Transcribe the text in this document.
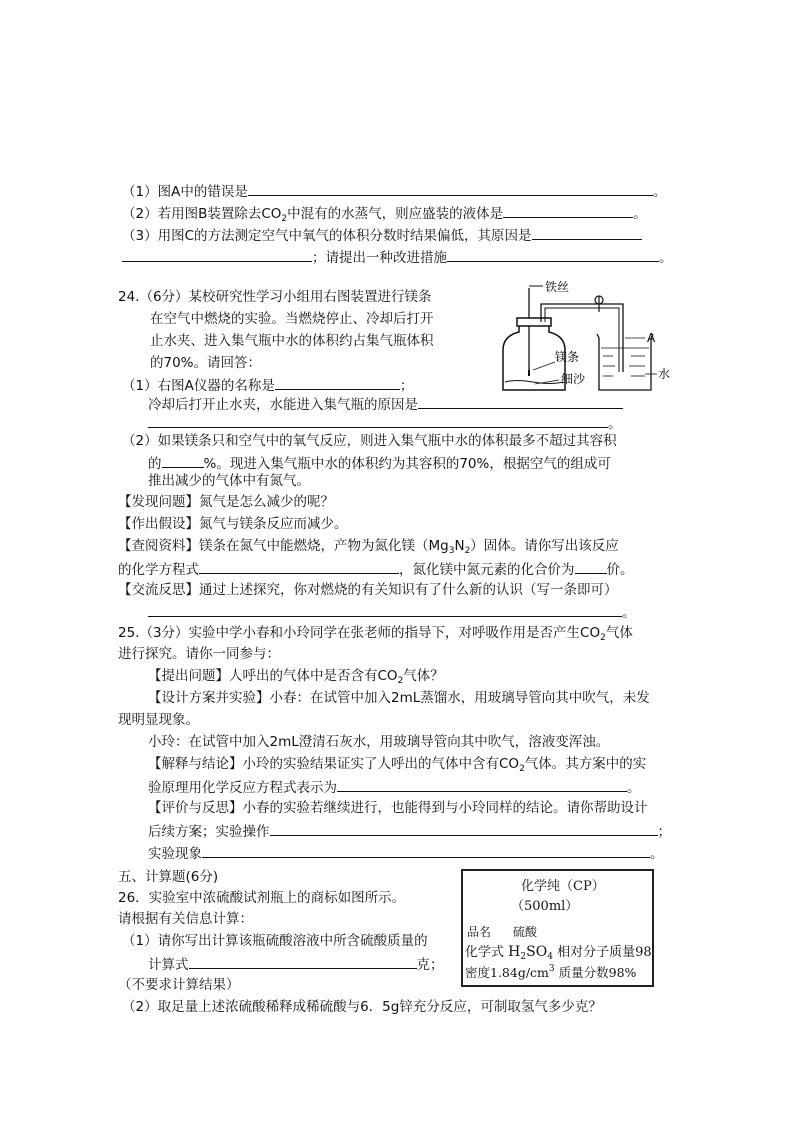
（1）图A中的错误是	。
（2）若用图B装置除去$CO_2$中混有的水蒸气，则应盛装的液体是	。
（3）用图C的方法测定空气中氧气的体积分数时结果偏低，其原因是
；请提出一种改进措施	。
24.（6分）某校研究性学习小组用右图装置进行镁条
在空气中燃烧的实验。当燃烧停止、冷却后打开
止水夹、进入集气瓶中水的体积约占集气瓶体积
的70%。请回答：
（1）右图A仪器的名称是	；
冷却后打开止水夹，水能进入集气瓶的原因是
。
铁丝
镁条
细沙
A
水
（2）如果镁条只和空气中的氧气反应，则进入集气瓶中水的体积最多不超过其容积
的	%。现进入集气瓶中水的体积约为其容积的70%，根据空气的组成可
推出减少的气体中有氮气。
【发现问题】氮气是怎么减少的呢？
【作出假设】氮气与镁条反应而减少。
【查阅资料】镁条在氮气中能燃烧，产物为氮化镁$(Mg_3N_2)$固体。请你写出该反应
的化学方程式	，氮化镁中氮元素的化合价为 价。
【交流反思】通过上述探究，你对燃烧的有关知识有了什么新的认识（写一条即可）
。
25.（3分）实验中学小春和小玲同学在张老师的指导下，对呼吸作用是否产生$CO_2$气体
进行探究。请你一同参与：
【提出问题】人呼出的气体中是否含有$CO_2$气体？
【设计方案并实验】小春：在试管中加入2mL蒸馏水，用玻璃导管向其中吹气，未发
现明显现象。
小玲：在试管中加入2mL澄清石灰水，用玻璃导管向其中吹气，溶液变浑浊。
【解释与结论】小玲的实验结果证实了人呼出的气体中含有$CO_2$气体。其方案中的实
验原理用化学反应方程式表示为	。
【评价与反思】小春的实验若继续进行，也能得到与小玲同样的结论。请你帮助设计
后续方案；实验操作	；
实验现象	。
五、计算题(6分)
26．实验室中浓硫酸试剂瓶上的商标如图所示。
请根据有关信息计算：
（1）请你写出计算该瓶硫酸溶液中所含硫酸质量的
计算式	克；
（不要求计算结果）
（2）取足量上述浓硫酸稀释成稀硫酸与6．5g锌充分反应，可制取氢气多少克？
化学纯（CP）
（500ml）
品名 硫酸
化学式 $H_2SO_4$ 相对分子质量98
密度$1.84g/cm^3$ 质量分数98%
